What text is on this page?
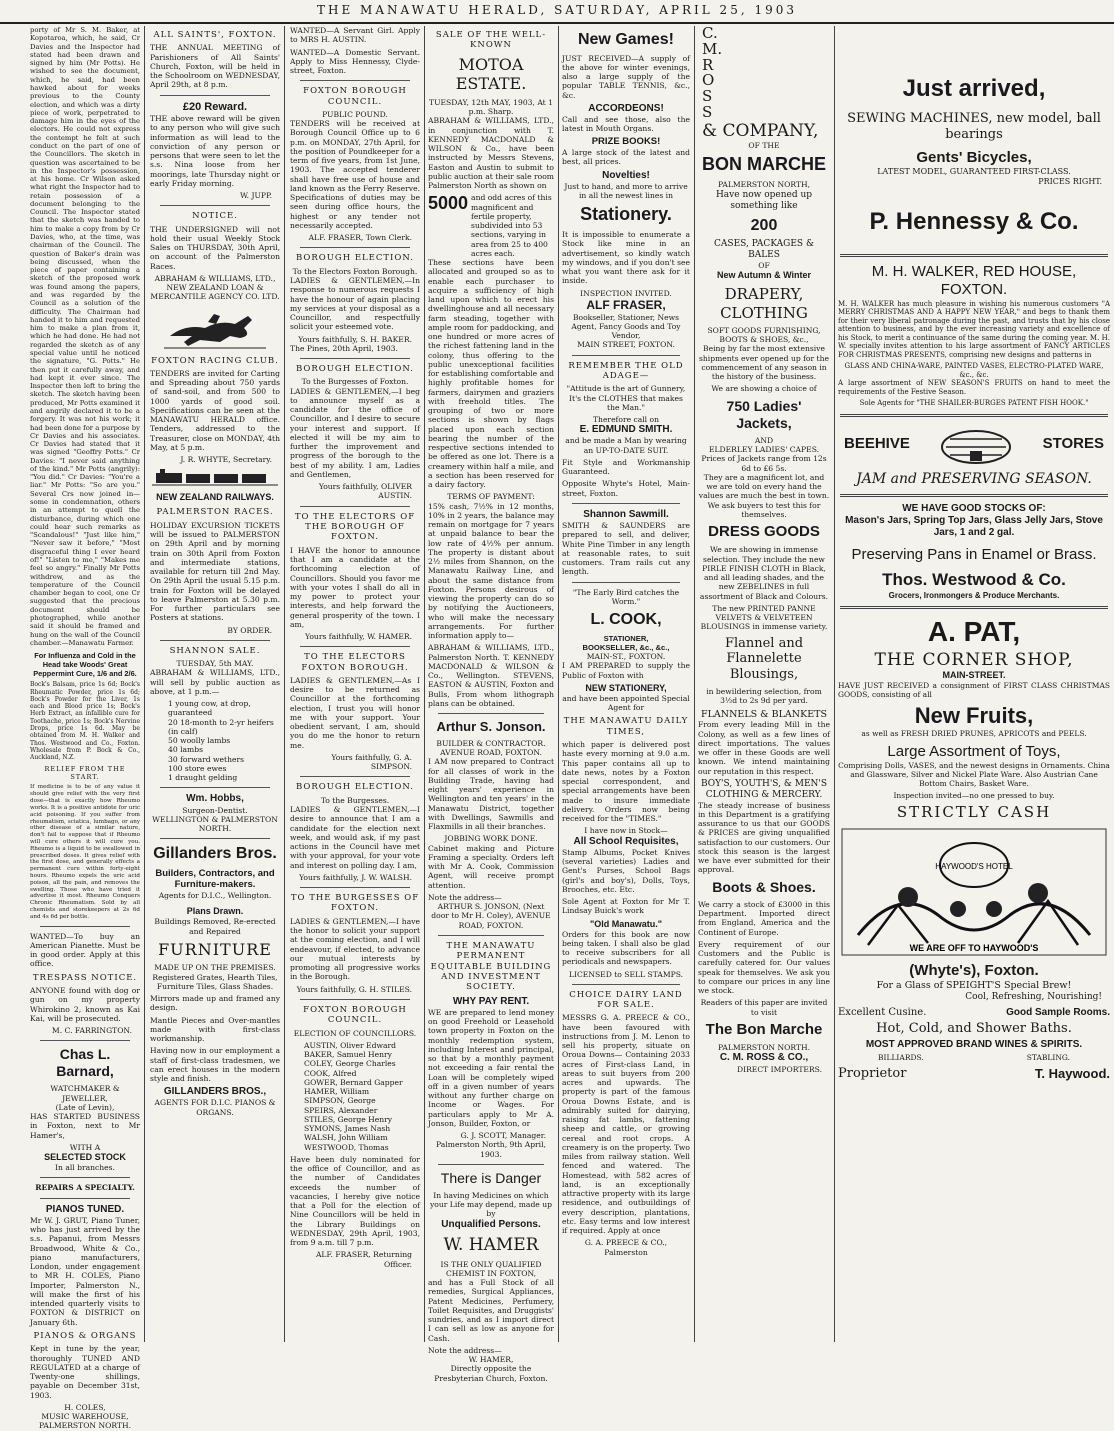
THE MANAWATU HERALD, SATURDAY, APRIL 25, 1903

porty of Mr S. M. Baker, at Kopotaroa, which, he said, Cr Davies and the Inspector had stated had been drawn and signed by him (Mr Potts). He wished to see the document, which, he said, had been hawked about for weeks previous to the County election, and which was a dirty piece of work, perpetrated to damage him in the eyes of the electors. He could not express the contempt he felt at such conduct on the part of one of the Councillors. The sketch in question was ascertained to be in the Inspector's possession, at his home. Cr Wilson asked what right the Inspector had to retain possession of a document belonging to the Council. The Inspector stated that the sketch was handed to him to make a copy from by Cr Davies, who, at the time, was chairman of the Council. The question of Baker's drain was being discussed, when the piece of paper containing a sketch of the proposed work was found among the papers, and was regarded by the Council as a solution of the difficulty. The Chairman had handed it to him and requested him to make a plan from it, which he had done. He had not regarded the sketch as of any special value until he noticed the signature, "G. Potts." He then put it carefully away, and had kept it ever since. The Inspector then left to bring the sketch. The sketch having been produced, Mr Potts examined it and angrily declared it to be a forgery. It was not his work; it had been done for a purpose by Cr Davies and his associates. Cr Davies had stated that it was signed "Geoffry Potts." Cr Davies: "I never said anything of the kind." Mr Potts (angrily): "You did." Cr Davies: "You're a liar." Mr Potts: "So are you." Several Crs now joined in—some in condemnation, others in an attempt to quell the disturbance, during which one could hear such remarks as "Scandalous!" "Just like him," "Never saw it before," "Most disgraceful thing I ever heard of!" "Listen to me," "Makes me feel so angry." Finally Mr Potts withdrew, and as the temperature of the Council chamber began to cool, one Cr suggested that the precious document should be photographed, while another said it should be framed and hung on the wall of the Council chamber.—Manawatu Farmer.

For Influenza and Cold in the Head take Woods' Great Peppermint Cure, 1/6 and 2/6.

Bock's Balsam, price 1s 6d; Bock's Rheumatic Powder, price 1s 6d; Bock's Powder for the Liver, 1s each and Blood price 1s; Bock's Herb Extract, an infallible cure for Toothache, price 1s; Bock's Nervine Drops, price 1s 6d. May be obtained from M. H. Walker and Thos. Westwood and Co., Foxton. Wholesale from P. Bock & Co., Auckland, N.Z.

RELIEF FROM THE START.

If medicine is to be of any value it should give relief with the very first dose—that is exactly how Rheumo works. It is a positive antidote for uric acid poisoning. If you suffer from rheumatism, sciatica, lumbago, or any other disease of a similar nature, don't fail to suppose that if Rheumo will cure others it will cure you. Rheumo is a liquid to be swallowed in prescribed doses. It gives relief with the first dose, and generally effects a permanent cure within forty-eight hours. Rheumo expels the uric acid poison, all the pain, and removes the swelling. Those who have tried it advertise it most. Rheumo Conquers Chronic Rheumatism. Sold by all chemists and storekeepers at 2s 6d and 4s 6d per bottle.

WANTED—To buy an American Pianette. Must be in good order. Apply at this office.

TRESPASS NOTICE.

ANYONE found with dog or gun on my property Whirokino 2, known as Kai Kai, will be prosecuted.

M. C. FARRINGTON.
Chas L. Barnard,
WATCHMAKER & JEWELLER,
(Late of Levin),

HAS STARTED BUSINESS in Foxton, next to Mr Hamer's,

WITH A
SELECTED STOCK
In all branches.
REPAIRS A SPECIALTY.
PIANOS TUNED.

Mr W. J. GRUT, Piano Tuner, who has just arrived by the s.s. Papanui, from Messrs Broadwood, White & Co., piano manufacturers, London, under engagement to MR H. COLES, Piano Importer, Palmerston N., will make the first of his intended quarterly visits to FOXTON & DISTRICT on January 6th.

PIANOS & ORGANS

Kept in tune by the year, thoroughly TUNED AND REGULATED at a charge of Twenty-one shillings, payable on December 31st, 1903.

H. COLES,
MUSIC WAREHOUSE,
PALMERSTON NORTH.
ALL SAINTS', FOXTON.

THE ANNUAL MEETING of Parishioners of All Saints' Church, Foxton, will be held in the Schoolroom on WEDNESDAY, April 29th, at 8 p.m.

£20 Reward.

THE above reward will be given to any person who will give such information as will lead to the conviction of any person or persons that were seen to let the s.s. Nina loose from her moorings, late Thursday night or early Friday morning.

W. JUPP.
NOTICE.

THE UNDERSIGNED will not hold their usual Weekly Stock Sales on THURSDAY, 30th April, on account of the Palmerston Races.

ABRAHAM & WILLIAMS, LTD., NEW ZEALAND LOAN & MERCANTILE AGENCY CO. LTD.

FOXTON RACING CLUB.

TENDERS are invited for Carting and Spreading about 750 yards of sand-soil, and from 500 to 1000 yards of good soil. Specifications can be seen at the MANAWATU HERALD office. Tenders, addressed to the Treasurer, close on MONDAY, 4th May, at 5 p.m.

J. R. WHYTE, Secretary.
NEW ZEALAND RAILWAYS.
PALMERSTON RACES.

HOLIDAY EXCURSION TICKETS will be issued to PALMERSTON on 29th April and by morning train on 30th April from Foxton and intermediate stations, available for return till 2nd May. On 29th April the usual 5.15 p.m. train for Foxton will be delayed to leave Palmerston at 5.30 p.m. For further particulars see Posters at stations.

BY ORDER.
SHANNON SALE.
TUESDAY, 5th MAY.

ABRAHAM & WILLIAMS, LTD., will sell by public auction as above, at 1 p.m.—

1 young cow, at drop, guaranteed
20 18-month to 2-yr heifers (in calf)
50 woolly lambs
40 lambs
30 forward wethers
100 store ewes
1 draught gelding
Wm. Hobbs,
Surgeon-Dentist.
WELLINGTON & PALMERSTON NORTH.
Gillanders Bros.
Builders, Contractors, and Furniture-makers.
Agents for D.I.C., Wellington.
Plans Drawn.
Buildings Removed, Re-erected and Repaired
FURNITURE
MADE UP ON THE PREMISES.

Registered Grates, Hearth Tiles, Furniture Tiles, Glass Shades.

Mirrors made up and framed any design.

Mantle Pieces and Over-mantles made with first-class workmanship.

Having now in our employment a staff of first-class tradesmen, we can erect houses in the modern style and finish.

GILLANDERS BROS.,
AGENTS FOR D.I.C. PIANOS & ORGANS.

WANTED—A Servant Girl. Apply to MRS H. AUSTIN.

WANTED—A Domestic Servant. Apply to Miss Hennessy, Clyde-street, Foxton.

FOXTON BOROUGH COUNCIL.
PUBLIC POUND.

TENDERS will be received at Borough Council Office up to 6 p.m. on MONDAY, 27th April, for the position of Poundkeeper for a term of five years, from 1st June, 1903. The accepted tenderer shall have free use of house and land known as the Ferry Reserve. Specifications of duties may be seen during office hours, the highest or any tender not necessarily accepted.

ALF. FRASER, Town Clerk.
BOROUGH ELECTION.
To the Electors Foxton Borough.

LADIES & GENTLEMEN,—In response to numerous requests I have the honour of again placing my services at your disposal as a Councillor, and respectfully solicit your esteemed vote.

Yours faithfully, S. H. BAKER.
The Pines, 20th April, 1903.
BOROUGH ELECTION.
To the Burgesses of Foxton.

LADIES & GENTLEMEN,—I beg to announce myself as a candidate for the office of Councillor, and I desire to secure your interest and support. If elected it will be my aim to further the improvement and progress of the borough to the best of my ability. I am, Ladies and Gentlemen,

Yours faithfully, OLIVER AUSTIN.
TO THE ELECTORS OF THE BOROUGH OF FOXTON.

I HAVE the honor to announce that I am a candidate at the forthcoming election of Councillors. Should you favor me with your votes I shall do all in my power to protect your interests, and help forward the general prosperity of the town. I am,

Yours faithfully, W. HAMER.
TO THE ELECTORS FOXTON BOROUGH.

LADIES & GENTLEMEN,—As I desire to be returned as Councillor at the forthcoming election, I trust you will honor me with your support. Your obedient servant, I am, should you do me the honor to return me.

Yours faithfully, G. A. SIMPSON.
BOROUGH ELECTION.
To the Burgesses.

LADIES & GENTLEMEN,—I desire to announce that I am a candidate for the election next week, and would ask, if my past actions in the Council have met with your approval, for your vote and interest on polling day. I am,

Yours faithfully, J. W. WALSH.
TO THE BURGESSES OF FOXTON.

LADIES & GENTLEMEN,—I have the honor to solicit your support at the coming election, and I will endeavour, if elected, to advance our mutual interests by promoting all progressive works in the Borough.

Yours faithfully, G. H. STILES.
FOXTON BOROUGH COUNCIL.
ELECTION OF COUNCILLORS.
AUSTIN, Oliver Edward
BAKER, Samuel Henry
COLEY, George Charles
COOK, Alfred
GOWER, Bernard Gapper
HAMER, William
SIMPSON, George
SPEIRS, Alexander
STILES, George Henry
SYMONS, James Nash
WALSH, John William
WESTWOOD, Thomas

Have been duly nominated for the office of Councillor, and as the number of Candidates exceeds the number of vacancies, I hereby give notice that a Poll for the election of Nine Councillors will be held in the Library Buildings on WEDNESDAY, 29th April, 1903, from 9 a.m. till 7 p.m.

ALF. FRASER, Returning Officer.
SALE OF THE WELL-KNOWN
MOTOA ESTATE.
TUESDAY, 12th MAY, 1903, At 1 p.m. Sharp.

ABRAHAM & WILLIAMS, LTD., in conjunction with T. KENNEDY MACDONALD & WILSON & Co., have been instructed by Messrs Stevens, Easton and Austin to submit to public auction at their sale room Palmerston North as shown on

5000 and odd acres of this magnificent and fertile property, subdivided into 53 sections, varying in area from 25 to 400 acres each.

These sections have been allocated and grouped so as to enable each purchaser to acquire a sufficiency of high land upon which to erect his dwellinghouse and all necessary farm steading, together with ample room for paddocking, and one hundred or more acres of the richest fattening land in the colony, thus offering to the public unexceptional facilities for establishing comfortable and highly profitable homes for farmers, dairymen and graziers with freehold titles. The grouping of two or more sections is shown by flags placed upon each section bearing the number of the respective sections intended to be offered as one lot. There is a creamery within half a mile, and a section has been reserved for a dairy factory.

TERMS OF PAYMENT:

15% cash, 7½% in 12 months, 10% in 2 years, the balance may remain on mortgage for 7 years at unpaid balance to bear the low rate of 4½% per annum. The property is distant about 2½ miles from Shannon, on the Manawatu Railway Line, and about the same distance from Foxton. Persons desirous of viewing the property can do so by notifying the Auctioneers, who will make the necessary arrangements. For further information apply to—

ABRAHAM & WILLIAMS, LTD., Palmerston North. T. KENNEDY MACDONALD & WILSON & Co., Wellington. STEVENS, EASTON & AUSTIN, Foxton and Bulls, From whom lithograph plans can be obtained.

Arthur S. Jonson.
BUILDER & CONTRACTOR.
AVENUE ROAD, FOXTON.

I AM now prepared to Contract for all classes of work in the Building Trade, having had eight years' experience in Wellington and ten years' in the Manawatu District, together with Dwellings, Sawmills and Flaxmills in all their branches.

JOBBING WORK DONE.

Cabinet making and Picture Framing a specialty. Orders left with Mr A. Cook, Commission Agent, will receive prompt attention.

Note the address—

ARTHUR S. JONSON, (Next door to Mr H. Coley), AVENUE ROAD, FOXTON.

THE MANAWATU PERMANENT EQUITABLE BUILDING AND INVESTMENT SOCIETY.
WHY PAY RENT.

WE are prepared to lend money on good Freehold or Leasehold town property in Foxton on the monthly redemption system, including Interest and principal, so that by a monthly payment not exceeding a fair rental the Loan will be completely wiped off in a given number of years without any further charge on Income or Wages. For particulars apply to Mr A. Jonson, Builder, Foxton, or

G. J. SCOTT, Manager.
Palmerston North, 9th April, 1903.
There is Danger
In having Medicines on which your Life may depend, made up by
Unqualified Persons.
W. HAMER
IS THE ONLY QUALIFIED CHEMIST IN FOXTON,

and has a Full Stock of all remedies, Surgical Appliances, Patent Medicines, Perfumery, Toilet Requisites, and Druggists' sundries, and as I import direct I can sell as low as anyone for Cash.

Note the address—
W. HAMER,
Directly opposite the Presbyterian Church, Foxton.
New Games!

JUST RECEIVED—A supply of the above for winter evenings, also a large supply of the popular TABLE TENNIS, &c., &c.

ACCORDEONS!

Call and see those, also the latest in Mouth Organs.

PRIZE BOOKS!

A large stock of the latest and best, all prices.

Novelties!

Just to hand, and more to arrive in all the newest lines in

Stationery.

It is impossible to enumerate a Stock like mine in an advertisement, so kindly watch my windows, and if you don't see what you want there ask for it inside.

INSPECTION INVITED.
ALF FRASER,
Bookseller, Stationer, News Agent, Fancy Goods and Toy Vendor,
MAIN STREET, FOXTON.
REMEMBER THE OLD ADAGE—

"Attitude is the art of Gunnery, It's the CLOTHES that makes the Man."

Therefore call on
E. EDMUND SMITH.

and be made a Man by wearing an UP-TO-DATE SUIT.

Fit Style and Workmanship Guaranteed.

Opposite Whyte's Hotel, Main-street, Foxton.

Shannon Sawmill.

SMITH & SAUNDERS are prepared to sell, and deliver, White Pine Timber in any length at reasonable rates, to suit customers. Tram rails cut any length.

"The Early Bird catches the Worm."
L. COOK,
STATIONER,
BOOKSELLER, &c., &c.,
MAIN-ST., FOXTON.

I AM PREPARED to supply the Public of Foxton with

NEW STATIONERY,

and have been appointed Special Agent for

THE MANAWATU DAILY TIMES,

which paper is delivered post haste every morning at 9.0 a.m. This paper contains all up to date news, notes by a Foxton special correspondent, and special arrangements have been made to insure immediate delivery. Orders now being received for the "TIMES."

I have now in Stock—
All School Requisites,

Stamp Albums, Pocket Knives (several varieties) Ladies and Gent's Purses, School Bags (girl's and boy's), Dolls, Toys, Brooches, etc. Etc.

Sole Agent at Foxton for Mr T. Lindsay Buick's work

"Old Manawatu."

Orders for this book are now being taken. I shall also be glad to receive subscribers for all periodicals and newspapers.

LICENSED to SELL STAMPS.
CHOICE DAIRY LAND FOR SALE.

MESSRS G. A. PREECE & CO., have been favoured with instructions from J. M. Lenon to sell his property, situate on Oroua Downs— Containing 2033 acres of First-class Land, in areas to suit buyers from 200 acres and upwards. The property is part of the famous Oroua Downs Estate, and is admirably suited for dairying, raising fat lambs, fattening sheep and cattle, or growing cereal and root crops. A creamery is on the property. Two miles from railway station. Well fenced and watered. The Homestead, with 582 acres of land, is an exceptionally attractive property with its large residence, and outbuildings of every description, plantations, etc. Easy terms and low interest if required. Apply at once

G. A. PREECE & CO., Palmerston
C.
M.
R
O
S
S
& COMPANY,
OF THE
BON MARCHE
PALMERSTON NORTH,
Have now opened up something like
200
CASES, PACKAGES & BALES
OF
New Autumn & Winter
DRAPERY, CLOTHING
SOFT GOODS FURNISHING, BOOTS & SHOES, &c.,

Being by far the most extensive shipments ever opened up for the commencement of any season in the history of the business.

We are showing a choice of
750 Ladies' Jackets,
AND
ELDERLEY LADIES' CAPES.
Prices of Jackets range from 12s 6d to £6 5s.

They are a magnificent lot, and we are told on every hand the values are much the best in town. We ask buyers to test this for themselves.

DRESS GOODS

We are showing in immense selection. They include the new PIRLE FINISH CLOTH in Black, and all leading shades, and the new ZEBELINES in full assortment of Black and Colours.

The new PRINTED PANNE VELVETS & VELVETEEN BLOUSINGS in immense variety.

Flannel and Flannelette Blousings,

in bewildering selection, from 3½d to 2s 9d per yard.

FLANNELS & BLANKETS

From every leading Mill in the Colony, as well as a few lines of direct importations. The values we offer in these Goods are well known. We intend maintaining our reputation in this respect.

BOY'S, YOUTH'S, & MEN'S CLOTHING & MERCERY.

The steady increase of business in this Department is a gratifying assurance to us that our GOODS & PRICES are giving unqualified satisfaction to our customers. Our stock this season is the largest we have ever submitted for their approval.

Boots & Shoes.

We carry a stock of £3000 in this Department. Imported direct from England, America and the Continent of Europe.

Every requirement of our Customers and the Public is carefully catered for. Our values speak for themselves. We ask you to compare our prices in any line we stock.

Readers of this paper are invited to visit
The Bon Marche
PALMERSTON NORTH.
C. M. ROSS & CO.,
DIRECT IMPORTERS.
Just arrived,
SEWING MACHINES, new model, ball bearings
Gents' Bicycles,
LATEST MODEL, GUARANTEED FIRST-CLASS.
PRICES RIGHT.
P. Hennessy & Co.
M. H. WALKER, RED HOUSE, FOXTON.

M. H. WALKER has much pleasure in wishing his numerous customers "A MERRY CHRISTMAS AND A HAPPY NEW YEAR," and begs to thank them for their very liberal patronage during the past, and trusts that by his close attention to business, and by the ever increasing variety and excellence of his Stock, to merit a continuance of the same during the coming year. M. H. W. specially invites attention to his large assortment of FANCY ARTICLES FOR CHRISTMAS PRESENTS, comprising new designs and patterns in

GLASS AND CHINA-WARE, PAINTED VASES, ELECTRO-PLATED WARE, &c., &c.

A large assortment of NEW SEASON'S FRUITS on hand to meet the requirements of the Festive Season.

Sole Agents for "THE SHAILER-BURGES PATENT FISH HOOK."

BEEHIVE	STORES
JAM and PRESERVING SEASON.
WE HAVE GOOD STOCKS OF:
Mason's Jars, Spring Top Jars, Glass Jelly Jars, Stove Jars, 1 and 2 gal.
Preserving Pans in Enamel or Brass.
Thos. Westwood & Co.
Grocers, Ironmongers & Produce Merchants.
A. PAT,
THE CORNER SHOP,
MAIN-STREET.

HAVE JUST RECEIVED a consignment of FIRST CLASS CHRISTMAS GOODS, consisting of all

New Fruits,
as well as FRESH DRIED PRUNES, APRICOTS and PEELS.
Large Assortment of Toys,

Comprising Dolls, VASES, and the newest designs in Ornaments. China and Glassware, Silver and Nickel Plate Ware. Also Austrian Cane Bottom Chairs, Basket Ware.

Inspection invited—no one pressed to buy.
STRICTLY CASH
HAYWOOD'S HOTEL
WE ARE OFF TO HAYWOOD'S
(Whyte's), Foxton.
For a Glass of SPEIGHT'S Special Brew!
Cool, Refreshing, Nourishing!
Excellent Cusine.	Good Sample Rooms.
Hot, Cold, and Shower Baths.
MOST APPROVED BRAND WINES & SPIRITS.
BILLIARDS.	STABLING.
Proprietor	T. Haywood.
